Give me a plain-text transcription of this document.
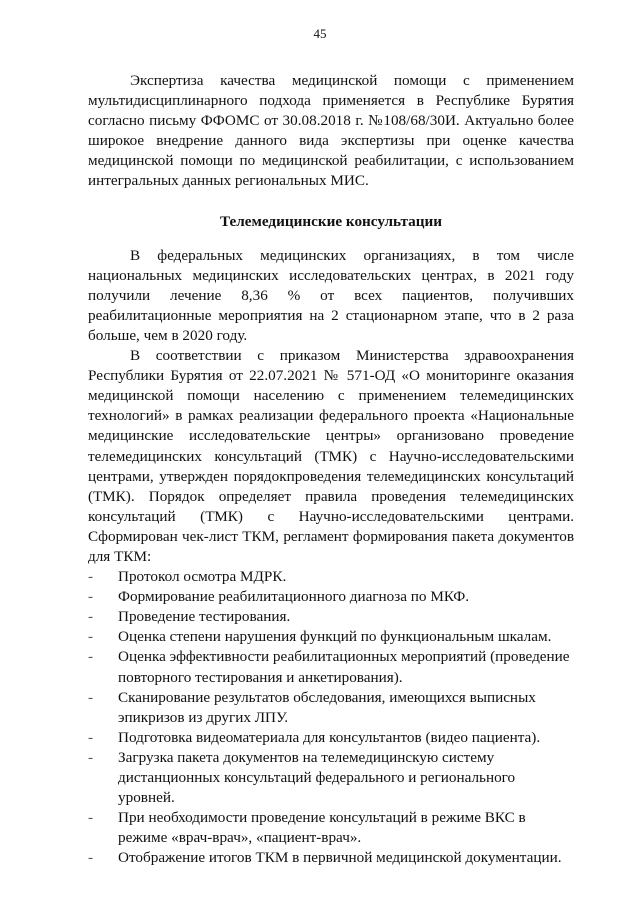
45

Экспертиза качества медицинской помощи с применением мультидисциплинарного подхода применяется в Республике Бурятия согласно письму ФФОМС от 30.08.2018 г. №108/68/30И. Актуально более широкое внедрение данного вида экспертизы при оценке качества медицинской помощи по медицинской реабилитации, с использованием интегральных данных региональных МИС.

Телемедицинские консультации

В федеральных медицинских организациях, в том числе национальных медицинских исследовательских центрах, в 2021 году получили лечение 8,36 % от всех пациентов, получивших реабилитационные мероприятия на 2 стационарном этапе, что в 2 раза больше, чем в 2020 году.

В соответствии с приказом Министерства здравоохранения Республики Бурятия от 22.07.2021 № 571-ОД «О мониторинге оказания медицинской помощи населению с применением телемедицинских технологий» в рамках реализации федерального проекта «Национальные медицинские исследовательские центры» организовано проведение телемедицинских консультаций (ТМК) с Научно-исследовательскими центрами, утвержден порядокпроведения телемедицинских консультаций (ТМК). Порядок определяет правила проведения телемедицинских консультаций (ТМК) с Научно-исследовательскими центрами. Сформирован чек-лист ТКМ, регламент формирования пакета документов для ТКМ:

-	Протокол осмотра МДРК.
-	Формирование реабилитационного диагноза по МКФ.
-	Проведение тестирования.
-	Оценка степени нарушения функций по функциональным шкалам.
-	Оценка эффективности реабилитационных мероприятий (проведение повторного тестирования и анкетирования).
-	Сканирование результатов обследования, имеющихся выписных эпикризов из других ЛПУ.
-	Подготовка видеоматериала для консультантов (видео пациента).
-	Загрузка пакета документов на телемедицинскую систему дистанционных консультаций федерального и регионального уровней.
-	При необходимости проведение консультаций в режиме ВКС в режиме «врач-врач», «пациент-врач».
-	Отображение итогов ТКМ в первичной медицинской документации.
